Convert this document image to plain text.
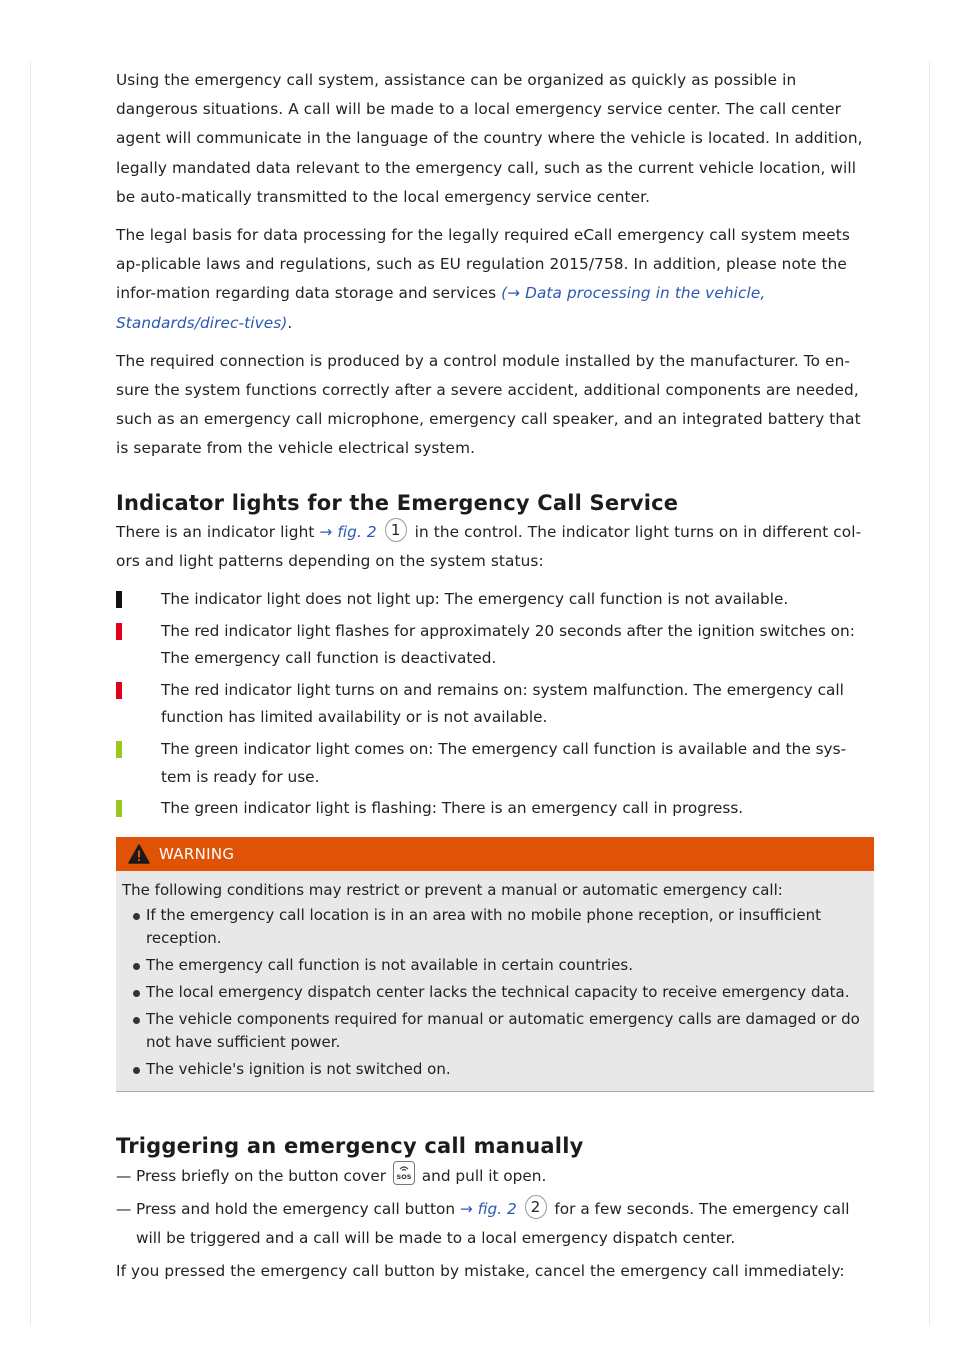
Using the emergency call system, assistance can be organized as quickly as possible in dangerous situations. A call will be made to a local emergency service center. The call center agent will communicate in the language of the country where the vehicle is located. In addition, legally mandated data relevant to the emergency call, such as the current vehicle location, will be auto-matically transmitted to the local emergency service center.

The legal basis for data processing for the legally required eCall emergency call system meets ap-plicable laws and regulations, such as EU regulation 2015/758. In addition, please note the infor-mation regarding data storage and services (→ Data processing in the vehicle, Standards/direc-tives).

The required connection is produced by a control module installed by the manufacturer. To en-sure the system functions correctly after a severe accident, additional components are needed, such as an emergency call microphone, emergency call speaker, and an integrated battery that is separate from the vehicle electrical system.

Indicator lights for the Emergency Call Service

There is an indicator light → fig. 2 1 in the control. The indicator light turns on in different col-ors and light patterns depending on the system status:

The indicator light does not light up: The emergency call function is not available.
The red indicator light flashes for approximately 20 seconds after the ignition switches on: The emergency call function is deactivated.
The red indicator light turns on and remains on: system malfunction. The emergency call function has limited availability or is not available.
The green indicator light comes on: The emergency call function is available and the sys-tem is ready for use.
The green indicator light is flashing: There is an emergency call in progress.
WARNING

The following conditions may restrict or prevent a manual or automatic emergency call:

If the emergency call location is in an area with no mobile phone reception, or insufficient reception.
The emergency call function is not available in certain countries.
The local emergency dispatch center lacks the technical capacity to receive emergency data.
The vehicle components required for manual or automatic emergency calls are damaged or do not have sufficient power.
The vehicle's ignition is not switched on.
Triggering an emergency call manually

— Press briefly on the button cover SOS and pull it open.

— Press and hold the emergency call button → fig. 2 2 for a few seconds. The emergency call will be triggered and a call will be made to a local emergency dispatch center.

If you pressed the emergency call button by mistake, cancel the emergency call immediately:
